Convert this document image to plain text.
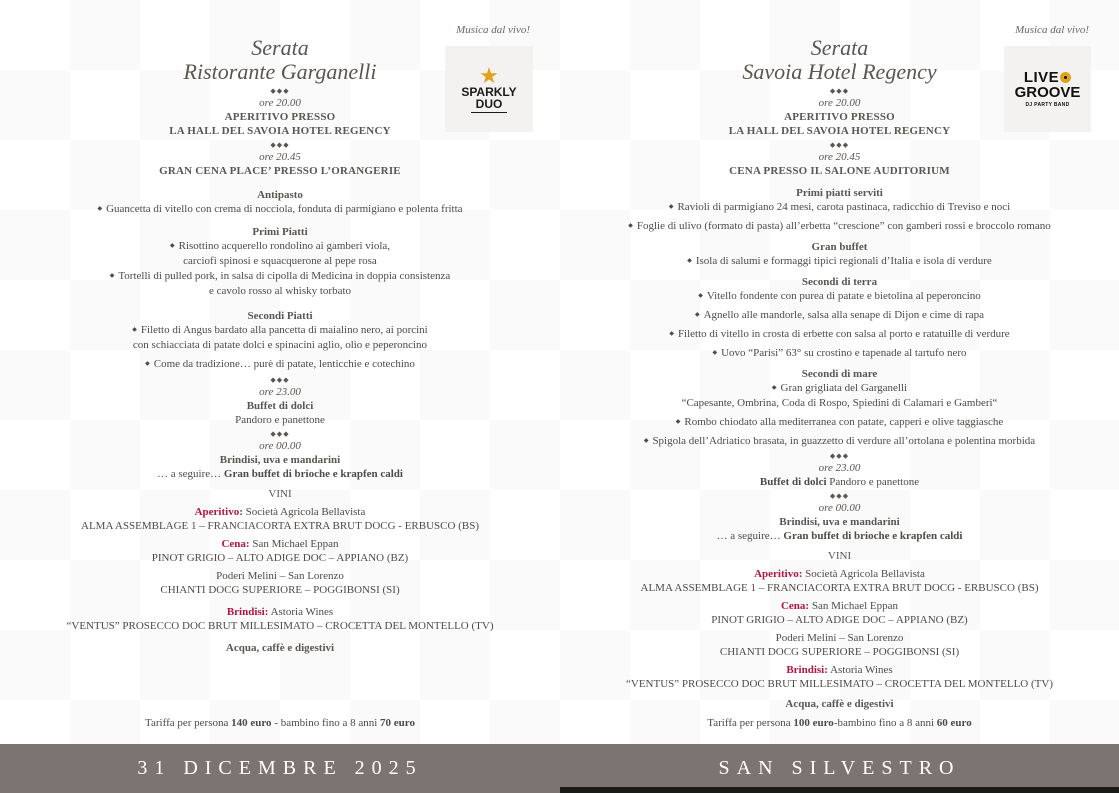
Musica dal vivo!
★
SPARKLY
DUO
Serata
Ristorante Garganelli
◆◆◆
ore 20.00
APERITIVO PRESSO
LA HALL DEL SAVOIA HOTEL REGENCY
◆◆◆
ore 20.45
GRAN CENA PLACE’ PRESSO L’ORANGERIE
Antipasto
◆ Guancetta di vitello con crema di nocciola, fonduta di parmigiano e polenta fritta
Primi Piatti
◆ Risottino acquerello rondolino ai gamberi viola,
carciofi spinosi e squacquerone al pepe rosa
◆ Tortelli di pulled pork, in salsa di cipolla di Medicina in doppia consistenza
e cavolo rosso al whisky torbato
Secondi Piatti
◆ Filetto di Angus bardato alla pancetta di maialino nero, ai porcini
con schiacciata di patate dolci e spinacini aglio, olio e peperoncino
◆ Come da tradizione… purè di patate, lenticchie e cotechino
◆◆◆
ore 23.00
Buffet di dolci
Pandoro e panettone
◆◆◆
ore 00.00
Brindisi, uva e mandarini
… a seguire… Gran buffet di brioche e krapfen caldi
VINI
Aperitivo: Società Agricola Bellavista
ALMA ASSEMBLAGE 1 – FRANCIACORTA EXTRA BRUT DOCG - ERBUSCO (BS)
Cena: San Michael Eppan
PINOT GRIGIO – ALTO ADIGE DOC – APPIANO (BZ)
Poderi Melini – San Lorenzo
CHIANTI DOCG SUPERIORE – POGGIBONSI (SI)
Brindisi: Astoria Wines
“VENTUS” PROSECCO DOC BRUT MILLESIMATO – CROCETTA DEL MONTELLO (TV)
Acqua, caffè e digestivi
Tariffa per persona 140 euro - bambino fino a 8 anni 70 euro
Musica dal vivo!
LIVE
GROOVE
DJ PARTY BAND
Serata
Savoia Hotel Regency
◆◆◆
ore 20.00
APERITIVO PRESSO
LA HALL DEL SAVOIA HOTEL REGENCY
◆◆◆
ore 20.45
CENA PRESSO IL SALONE AUDITORIUM
Primi piatti serviti
◆ Ravioli di parmigiano 24 mesi, carota pastinaca, radicchio di Treviso e noci
◆ Foglie di ulivo (formato di pasta) all’erbetta “crescione” con gamberi rossi e broccolo romano
Gran buffet
◆ Isola di salumi e formaggi tipici regionali d’Italia e isola di verdure
Secondi di terra
◆ Vitello fondente con purea di patate e bietolina al peperoncino
◆ Agnello alle mandorle, salsa alla senape di Dijon e cime di rapa
◆ Filetto di vitello in crosta di erbette con salsa al porto e ratatuille di verdure
◆ Uovo “Parisi” 63° su crostino e tapenade al tartufo nero
Secondi di mare
◆ Gran grigliata del Garganelli
“Capesante, Ombrina, Coda di Rospo, Spiedini di Calamari e Gamberi“
◆ Rombo chiodato alla mediterranea con patate, capperi e olive taggiasche
◆ Spigola dell’Adriatico brasata, in guazzetto di verdure all’ortolana e polentina morbida
◆◆◆
ore 23.00
Buffet di dolci Pandoro e panettone
◆◆◆
ore 00.00
Brindisi, uva e mandarini
… a seguire… Gran buffet di brioche e krapfen caldi
VINI
Aperitivo: Società Agricola Bellavista
ALMA ASSEMBLAGE 1 – FRANCIACORTA EXTRA BRUT DOCG - ERBUSCO (BS)
Cena: San Michael Eppan
PINOT GRIGIO – ALTO ADIGE DOC – APPIANO (BZ)
Poderi Melini – San Lorenzo
CHIANTI DOCG SUPERIORE – POGGIBONSI (SI)
Brindisi: Astoria Wines
“VENTUS” PROSECCO DOC BRUT MILLESIMATO – CROCETTA DEL MONTELLO (TV)
Acqua, caffè e digestivi
Tariffa per persona 100 euro-bambino fino a 8 anni 60 euro
31 DICEMBRE 2025	SAN SILVESTRO
